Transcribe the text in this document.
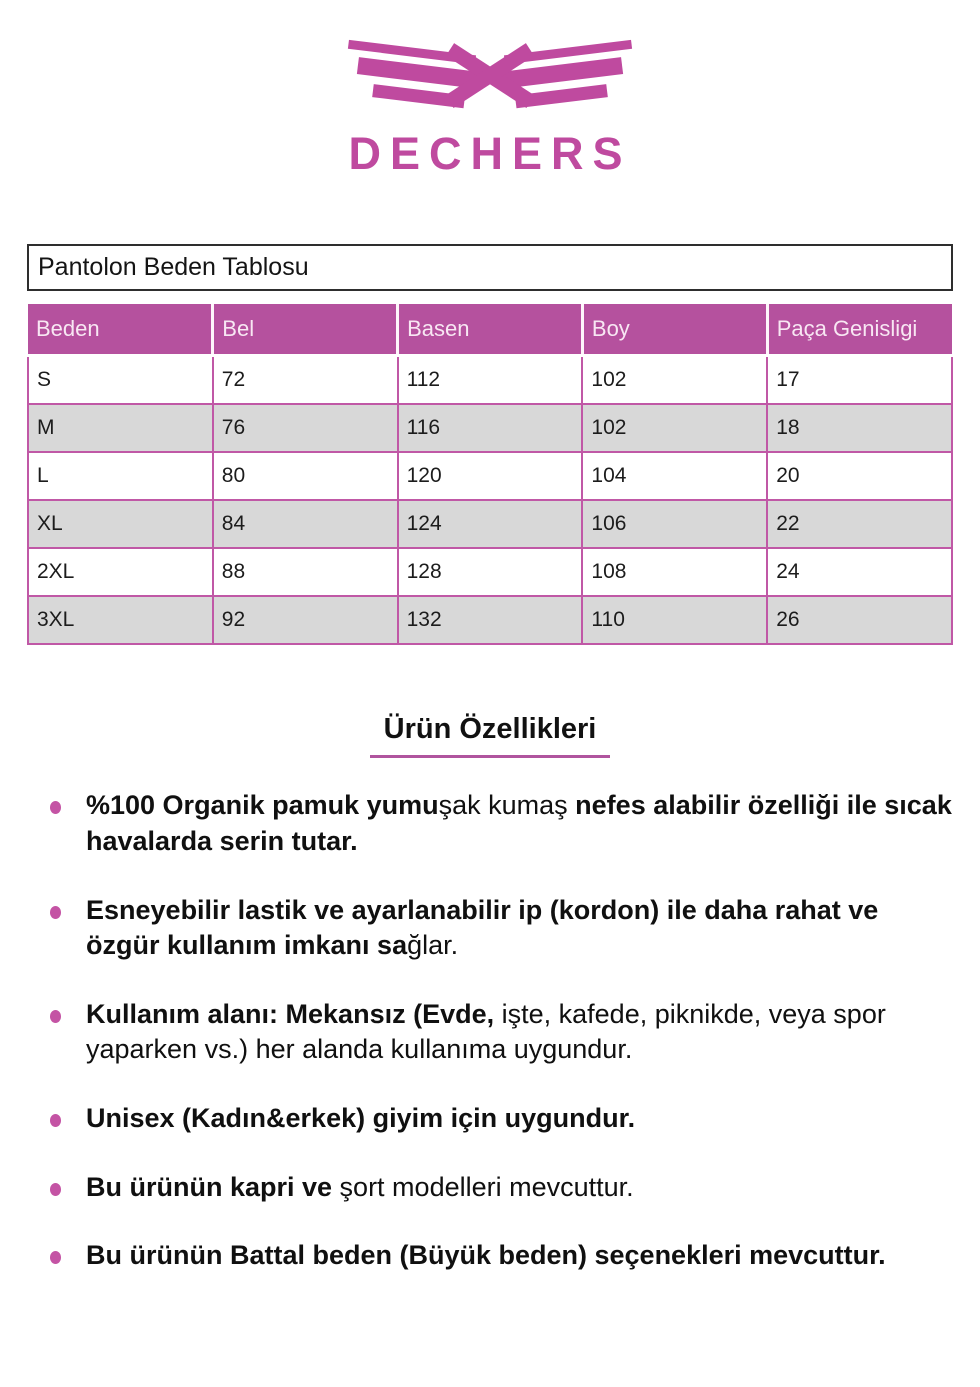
DECHERS
Pantolon Beden Tablosu
Beden	Bel	Basen	Boy	Paça Genisligi
S	72	112	102	17
M	76	116	102	18
L	80	120	104	20
XL	84	124	106	22
2XL	88	128	108	24
3XL	92	132	110	26
Ürün Özellikleri
%100 Organik pamuk yumuşak kumaş nefes alabilir özelliği ile sıcak havalarda serin tutar.
Esneyebilir lastik ve ayarlanabilir ip (kordon) ile daha rahat ve özgür kullanım imkanı sağlar.
Kullanım alanı: Mekansız (Evde, işte, kafede, piknikde, veya spor yaparken vs.) her alanda kullanıma uygundur.
Unisex (Kadın&erkek) giyim için uygundur.
Bu ürünün kapri ve şort modelleri mevcuttur.
Bu ürünün Battal beden (Büyük beden) seçenekleri mevcuttur.
